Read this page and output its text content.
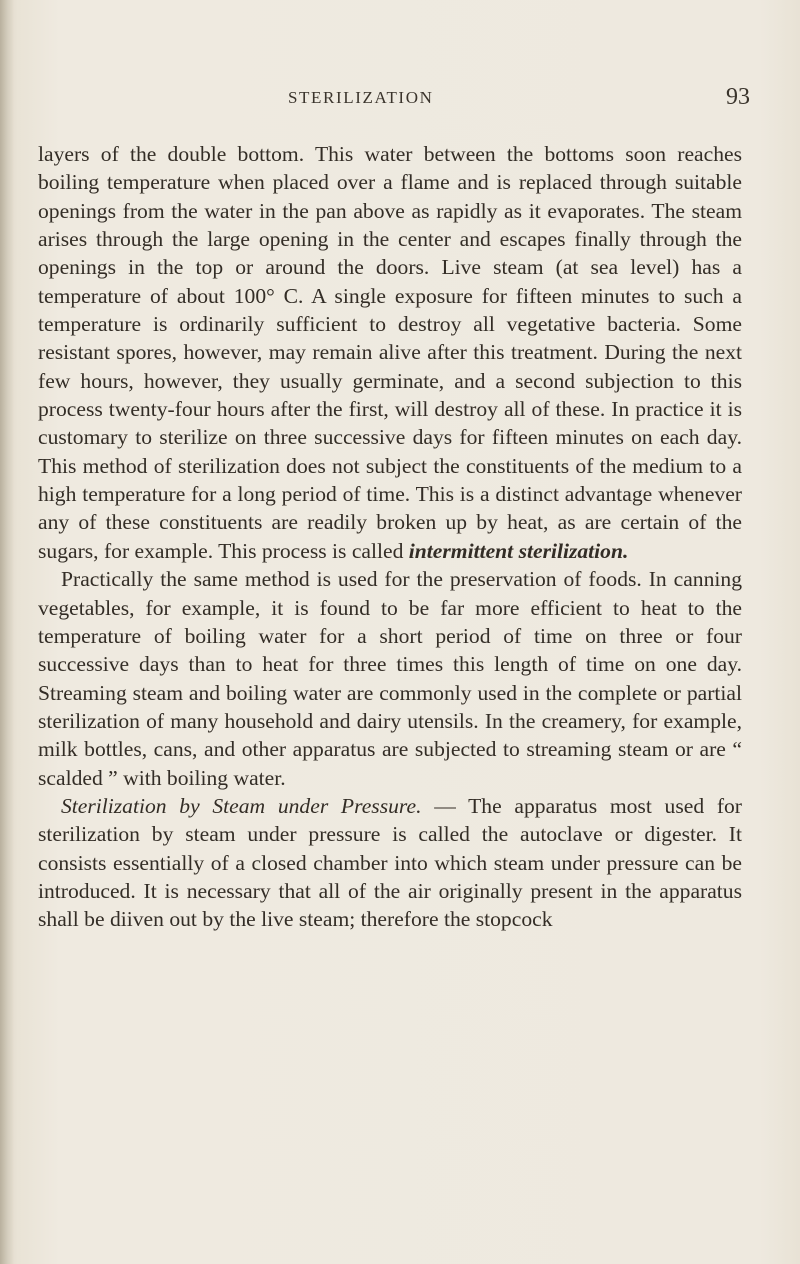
STERILIZATION	93

layers of the double bottom. This water between the bottoms soon reaches boiling temperature when placed over a flame and is replaced through suitable openings from the water in the pan above as rapidly as it evaporates. The steam arises through the large opening in the center and escapes finally through the openings in the top or around the doors. Live steam (at sea level) has a temperature of about 100° C. A single exposure for fifteen minutes to such a temperature is ordinarily sufficient to destroy all vegetative bacteria. Some resistant spores, however, may remain alive after this treatment. During the next few hours, however, they usually germinate, and a second subjection to this process twenty-four hours after the first, will destroy all of these. In practice it is customary to sterilize on three successive days for fifteen minutes on each day. This method of sterilization does not subject the constituents of the medium to a high temperature for a long period of time. This is a distinct advantage whenever any of these constituents are readily broken up by heat, as are certain of the sugars, for example. This process is called intermittent sterilization.

Practically the same method is used for the preservation of foods. In canning vegetables, for example, it is found to be far more efficient to heat to the temperature of boiling water for a short period of time on three or four successive days than to heat for three times this length of time on one day. Streaming steam and boiling water are commonly used in the complete or partial sterilization of many household and dairy utensils. In the creamery, for example, milk bottles, cans, and other apparatus are subjected to streaming steam or are “ scalded ” with boiling water.

Sterilization by Steam under Pressure. — The apparatus most used for sterilization by steam under pressure is called the autoclave or digester. It consists essentially of a closed chamber into which steam under pressure can be introduced. It is necessary that all of the air originally present in the apparatus shall be diiven out by the live steam; therefore the stopcock
